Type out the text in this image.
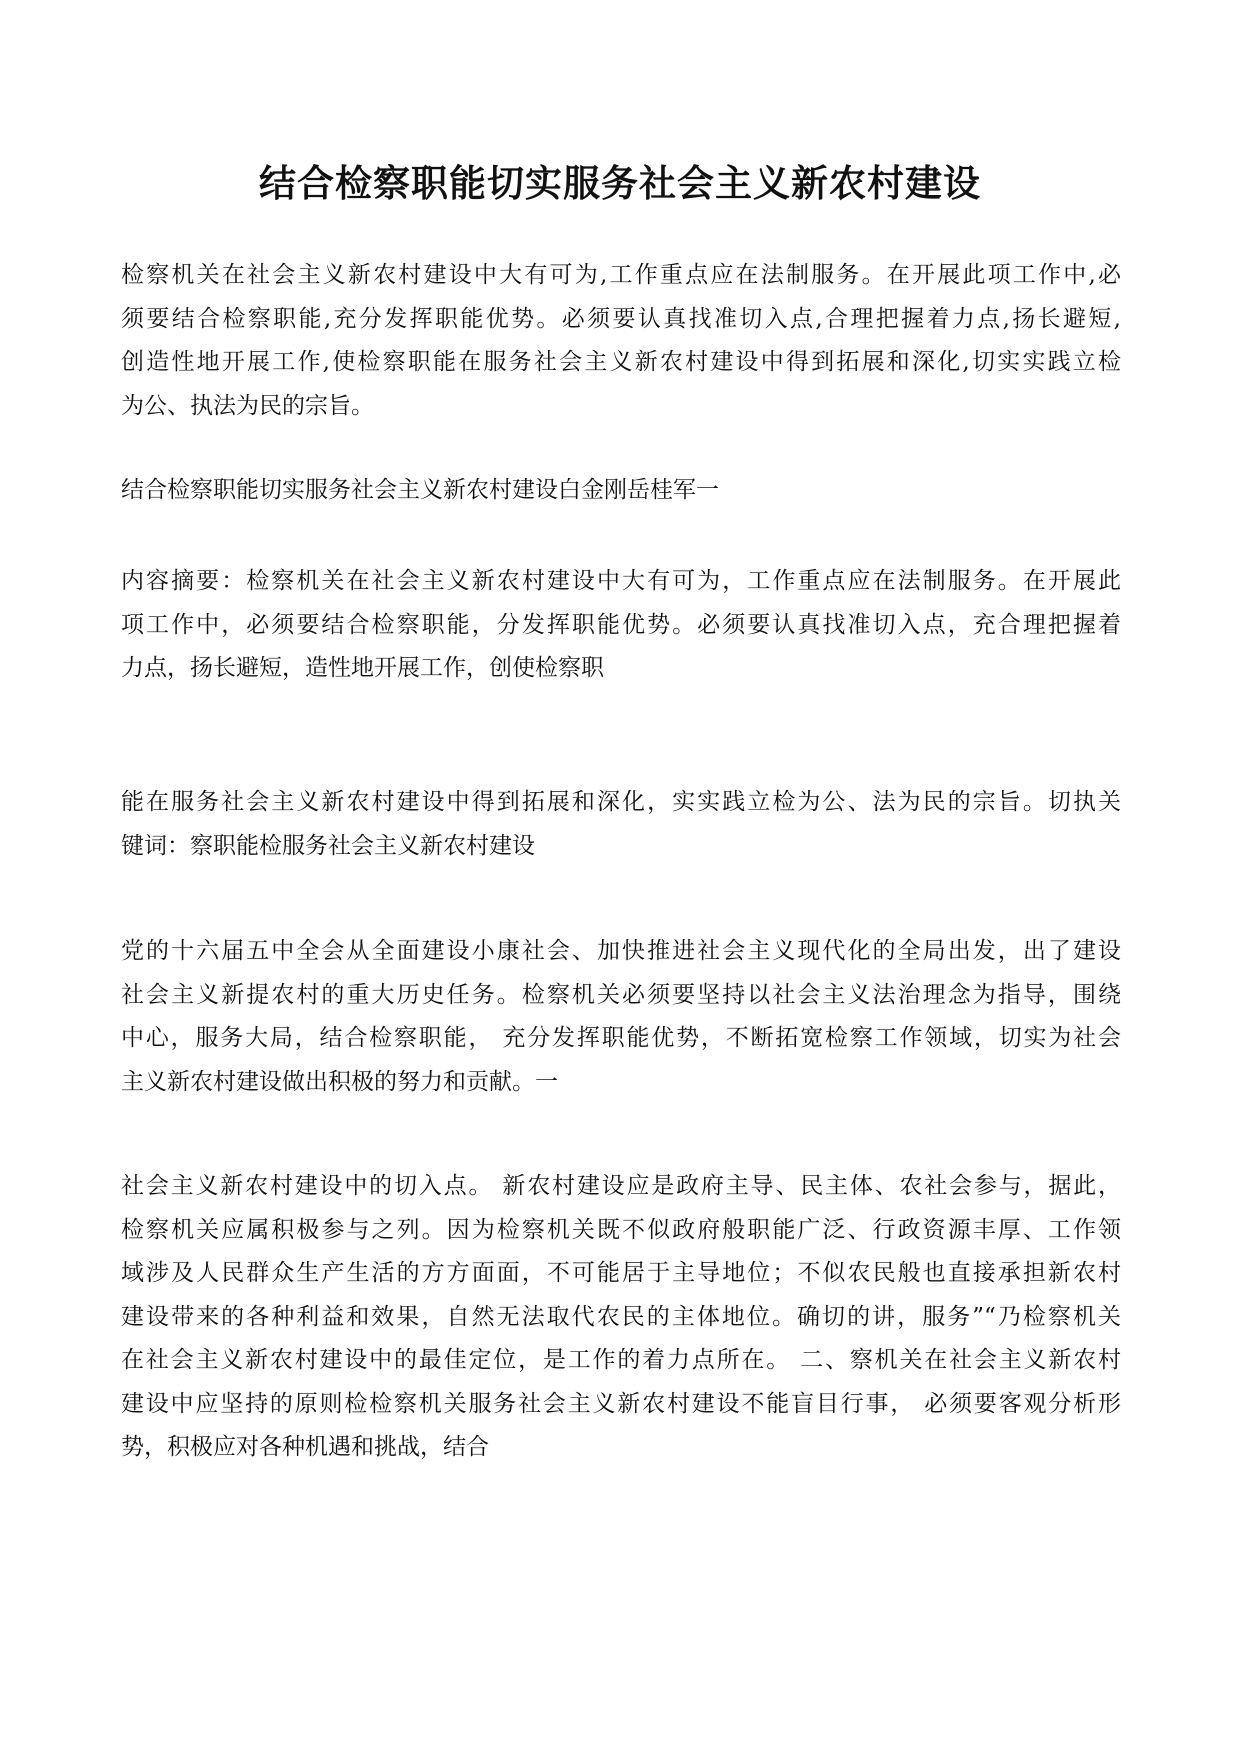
结合检察职能切实服务社会主义新农村建设

检察机关在社会主义新农村建设中大有可为,工作重点应在法制服务。在开展此项工作中,必
须要结合检察职能,充分发挥职能优势。必须要认真找准切入点,合理把握着力点,扬长避短,
创造性地开展工作,使检察职能在服务社会主义新农村建设中得到拓展和深化,切实实践立检
为公、执法为民的宗旨。

结合检察职能切实服务社会主义新农村建设白金刚岳桂军一

内容摘要：检察机关在社会主义新农村建设中大有可为，工作重点应在法制服务。在开展此
项工作中，必须要结合检察职能，分发挥职能优势。必须要认真找准切入点，充合理把握着
力点，扬长避短，造性地开展工作，创使检察职

能在服务社会主义新农村建设中得到拓展和深化，实实践立检为公、法为民的宗旨。切执关
键词：察职能检服务社会主义新农村建设

党的十六届五中全会从全面建设小康社会、加快推进社会主义现代化的全局出发，出了建设
社会主义新提农村的重大历史任务。检察机关必须要坚持以社会主义法治理念为指导，围绕
中心，服务大局，结合检察职能， 充分发挥职能优势，不断拓宽检察工作领域，切实为社会
主义新农村建设做出积极的努力和贡献。一

社会主义新农村建设中的切入点。 新农村建设应是政府主导、民主体、农社会参与，据此，
检察机关应属积极参与之列。因为检察机关既不似政府般职能广泛、行政资源丰厚、工作领
域涉及人民群众生产生活的方方面面，不可能居于主导地位；不似农民般也直接承担新农村
建设带来的各种利益和效果，自然无法取代农民的主体地位。确切的讲，服务”“乃检察机关
在社会主义新农村建设中的最佳定位，是工作的着力点所在。 二、察机关在社会主义新农村
建设中应坚持的原则检检察机关服务社会主义新农村建设不能盲目行事， 必须要客观分析形
势，积极应对各种机遇和挑战，结合
